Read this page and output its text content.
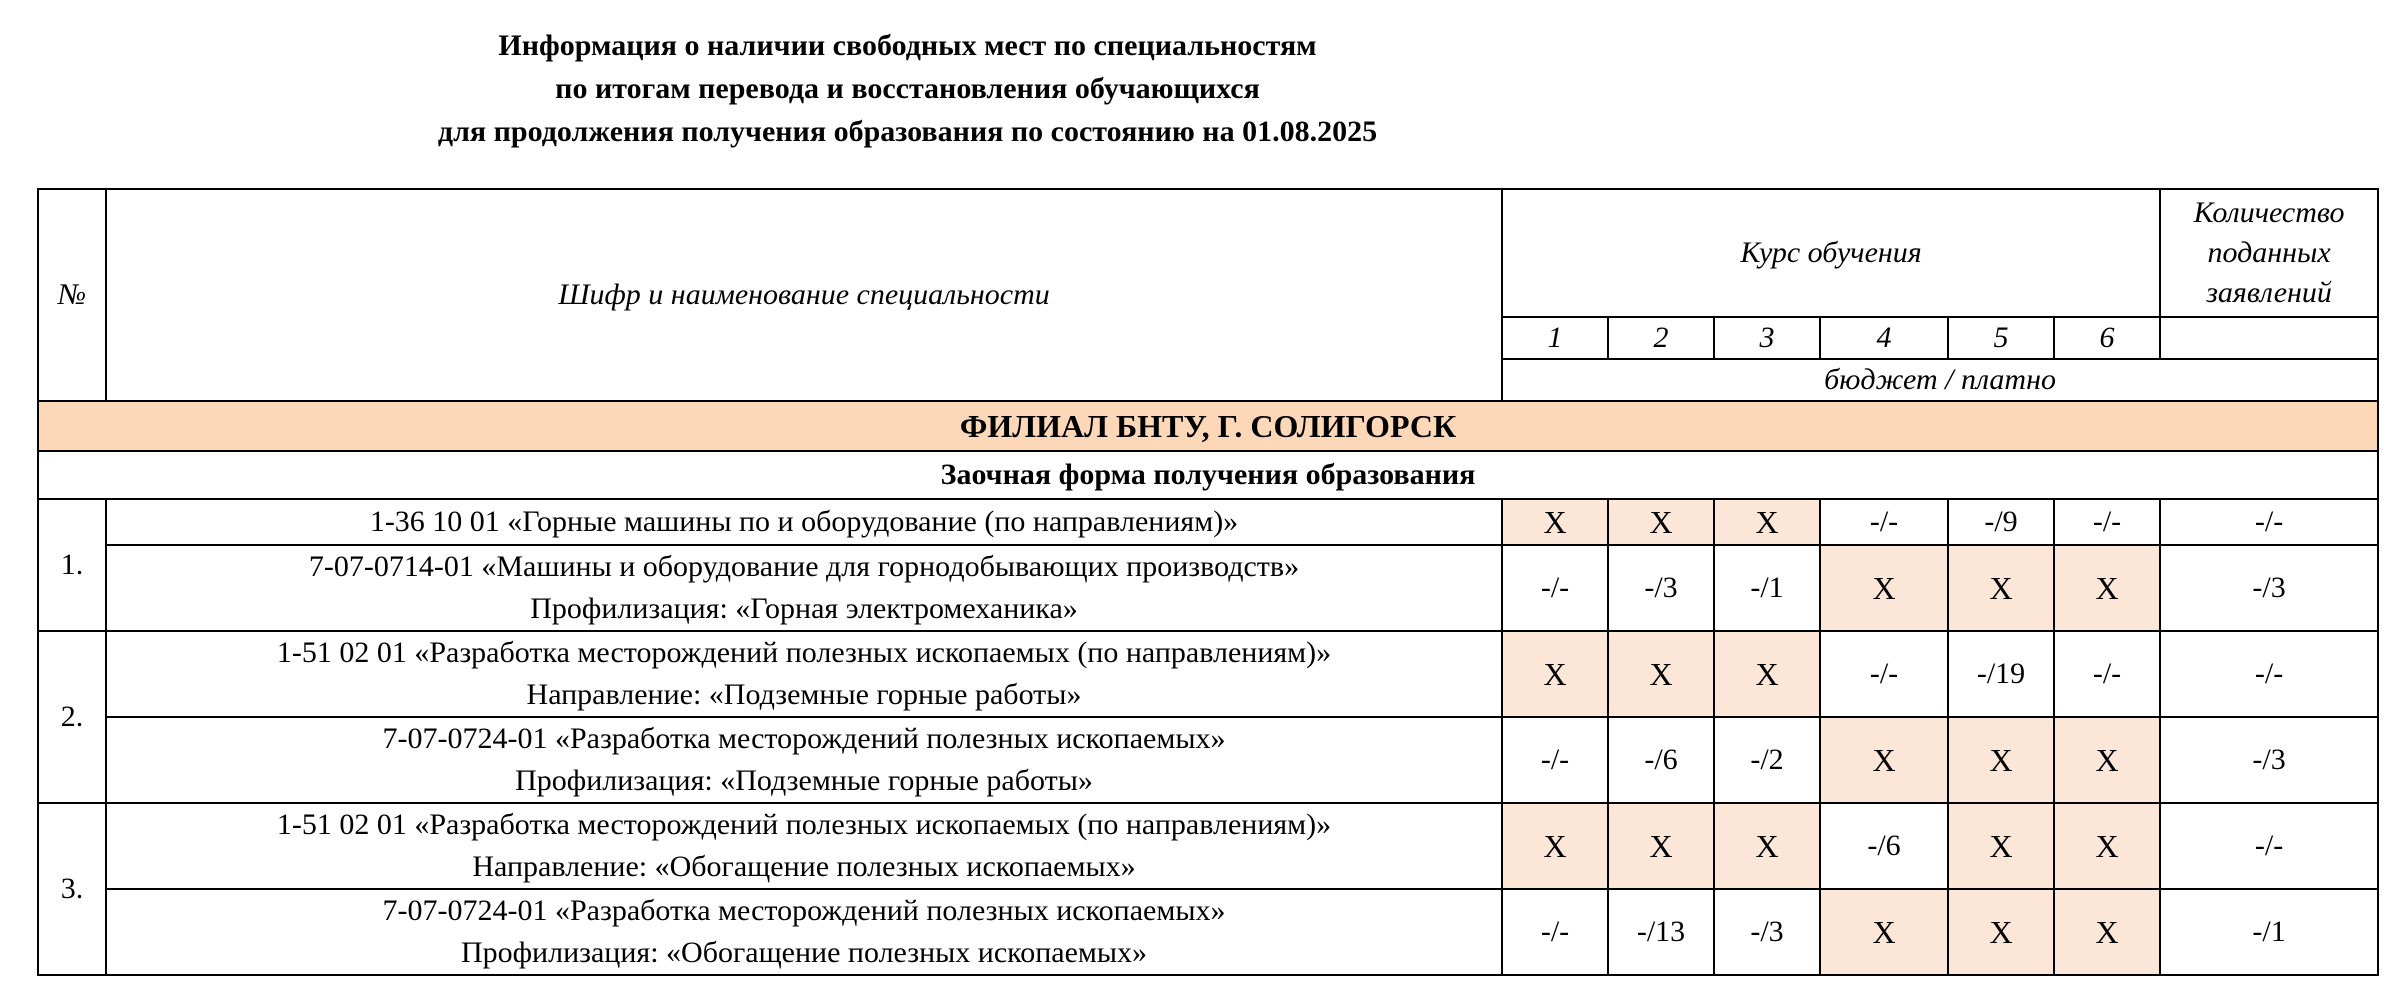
Информация о наличии свободных мест по специальностям
по итогам перевода и восстановления обучающихся
для продолжения получения образования по состоянию на 01.08.2025
№	Шифр и наименование специальности	Курс обучения						Количество
поданных
заявлений

		1	2	3	4	5	6	
		бюджет / платно						
ФИЛИАЛ БНТУ, Г. СОЛИГОРСК								
Заочная форма получения образования								
1.	1-36 10 01 «Горные машины по и оборудование (по направлениям)»	X	X	X	-/-	-/9	-/-	-/-

	7-07-0714-01 «Машины и оборудование для горнодобывающих производств»
Профилизация: «Горная электромеханика»	-/-	-/3	-/1	X	X	X	-/3
2.	1-51 02 01 «Разработка месторождений полезных ископаемых (по направлениям)»
Направление: «Подземные горные работы»	X	X	X	-/-	-/19	-/-	-/-

	7-07-0724-01 «Разработка месторождений полезных ископаемых»
Профилизация: «Подземные горные работы»	-/-	-/6	-/2	X	X	X	-/3
3.	1-51 02 01 «Разработка месторождений полезных ископаемых (по направлениям)»
Направление: «Обогащение полезных ископаемых»	X	X	X	-/6	X	X	-/-

	7-07-0724-01 «Разработка месторождений полезных ископаемых»
Профилизация: «Обогащение полезных ископаемых»	-/-	-/13	-/3	X	X	X	-/1
